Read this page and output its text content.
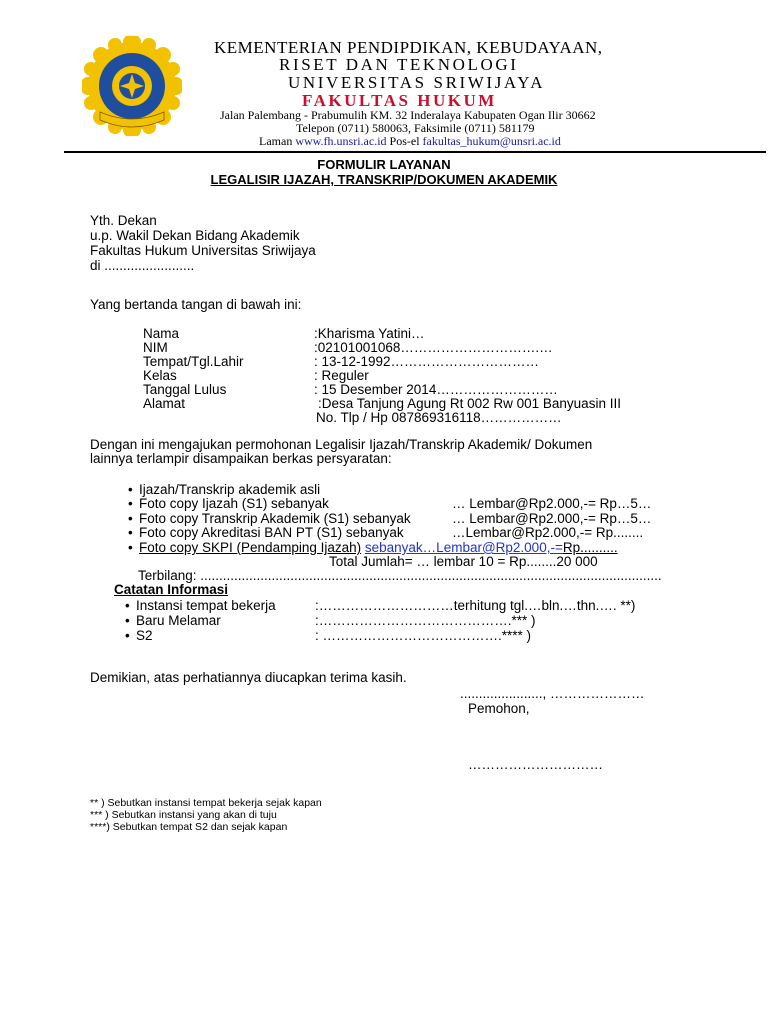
KEMENTERIAN PENDIPDIKAN, KEBUDAYAAN,
RISET DAN TEKNOLOGI
UNIVERSITAS SRIWIJAYA
FAKULTAS HUKUM
Jalan Palembang - Prabumulih KM. 32 Inderalaya Kabupaten Ogan Ilir 30662
Telepon (0711) 580063, Faksimile (0711) 581179
Laman www.fh.unsri.ac.id Pos-el fakultas_hukum@unsri.ac.id
FORMULIR LAYANAN
LEGALISIR IJAZAH, TRANSKRIP/DOKUMEN AKADEMIK
Yth. Dekan
u.p. Wakil Dekan Bidang Akademik
Fakultas Hukum Universitas Sriwijaya
di ........................
Yang bertanda tangan di bawah ini:
Nama	:Kharisma Yatini…
NIM	:02101001068………………………….…
Tempat/Tgl.Lahir	: 13-12-1992……………………………
Kelas	: Reguler
Tanggal Lulus	: 15 Desember 2014………………………
Alamat	:Desa Tanjung Agung Rt 002 Rw 001 Banyuasin III
No. Tlp / Hp 087869316118………………
Dengan ini mengajukan permohonan Legalisir Ijazah/Transkrip Akademik/ Dokumen
lainnya terlampir disampaikan berkas persyaratan:
• Ijazah/Transkrip akademik asli
• Foto copy Ijazah (S1) sebanyak	… Lembar@Rp2.000,-= Rp…5…
• Foto copy Transkrip Akademik (S1) sebanyak	… Lembar@Rp2.000,-= Rp…5…
• Foto copy Akreditasi BAN PT (S1) sebanyak	…Lembar@Rp2.000,-= Rp........
• Foto copy SKPI (Pendamping Ijazah) sebanyak…Lembar@Rp2.000,-=Rp..........
Total Jumlah= … lembar 10 = Rp........20 000
Terbilang: ...........................................................................................................................
Catatan Informasi
• Instansi tempat bekerja	:…………………………terhitung tgl.…bln.…thn.…. **)
• Baru Melamar	:…………………………………….*** )
• S2	: ………………………………….**** )
Demikian, atas perhatiannya diucapkan terima kasih.
......................, …………………
Pemohon,
…………………………
** ) Sebutkan instansi tempat bekerja sejak kapan
*** ) Sebutkan instansi yang akan di tuju
****) Sebutkan tempat S2 dan sejak kapan
